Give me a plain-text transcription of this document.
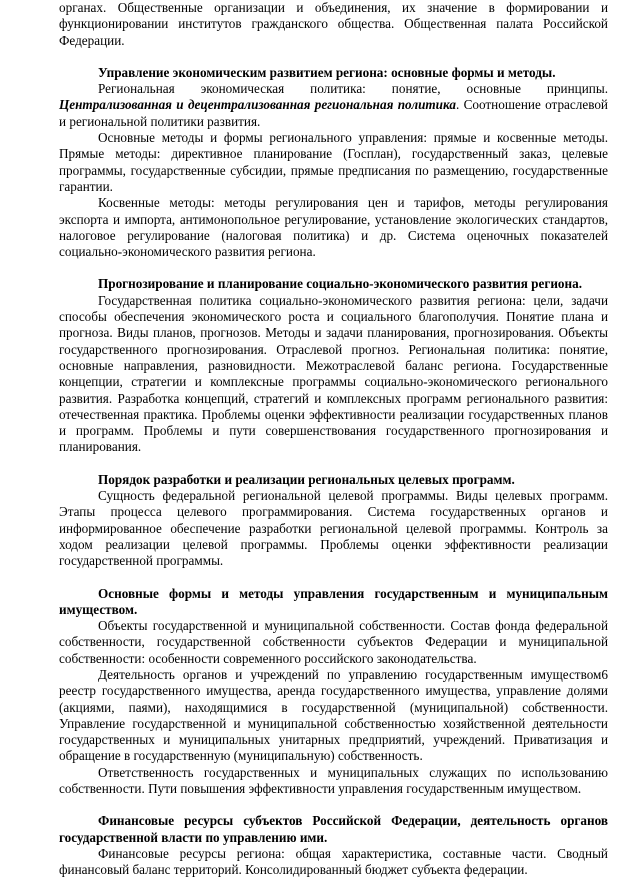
органах. Общественные организации и объединения, их значение в формировании и функционировании институтов гражданского общества. Общественная палата Российской Федерации.

Управление экономическим развитием региона: основные формы и методы.

Региональная экономическая политика: понятие, основные принципы. Централизованная и децентрализованная региональная политика. Соотношение отраслевой и региональной политики развития.

Основные методы и формы регионального управления: прямые и косвенные методы. Прямые методы: директивное планирование (Госплан), государственный заказ, целевые программы, государственные субсидии, прямые предписания по размещению, государственные гарантии.

Косвенные методы: методы регулирования цен и тарифов, методы регулирования экспорта и импорта, антимонопольное регулирование, установление экологических стандартов, налоговое регулирование (налоговая политика) и др. Система оценочных показателей социально-экономического развития региона.

Прогнозирование и планирование социально-экономического развития региона.

Государственная политика социально-экономического развития региона: цели, задачи способы обеспечения экономического роста и социального благополучия. Понятие плана и прогноза. Виды планов, прогнозов. Методы и задачи планирования, прогнозирования. Объекты государственного прогнозирования. Отраслевой прогноз. Региональная политика: понятие, основные направления, разновидности. Межотраслевой баланс региона. Государственные концепции, стратегии и комплексные программы социально-экономического регионального развития. Разработка концепций, стратегий и комплексных программ регионального развития: отечественная практика. Проблемы оценки эффективности реализации государственных планов и программ. Проблемы и пути совершенствования государственного прогнозирования и планирования.

Порядок разработки и реализации региональных целевых программ.

Сущность федеральной региональной целевой программы. Виды целевых программ. Этапы процесса целевого программирования. Система государственных органов и информированное обеспечение разработки региональной целевой программы. Контроль за ходом реализации целевой программы. Проблемы оценки эффективности реализации государственной программы.

Основные формы и методы управления государственным и муниципальным имуществом.

Объекты государственной и муниципальной собственности. Состав фонда федеральной собственности, государственной собственности субъектов Федерации и муниципальной собственности: особенности современного российского законодательства.

Деятельность органов и учреждений по управлению государственным имуществом6 реестр государственного имущества, аренда государственного имущества, управление долями (акциями, паями), находящимися в государственной (муниципальной) собственности. Управление государственной и муниципальной собственностью хозяйственной деятельности государственных и муниципальных унитарных предприятий, учреждений. Приватизация и обращение в государственную (муниципальную) собственность.

Ответственность государственных и муниципальных служащих по использованию собственности. Пути повышения эффективности управления государственным имуществом.

Финансовые ресурсы субъектов Российской Федерации, деятельность органов государственной власти по управлению ими.

Финансовые ресурсы региона: общая характеристика, составные части. Сводный финансовый баланс территорий. Консолидированный бюджет субъекта федерации.
